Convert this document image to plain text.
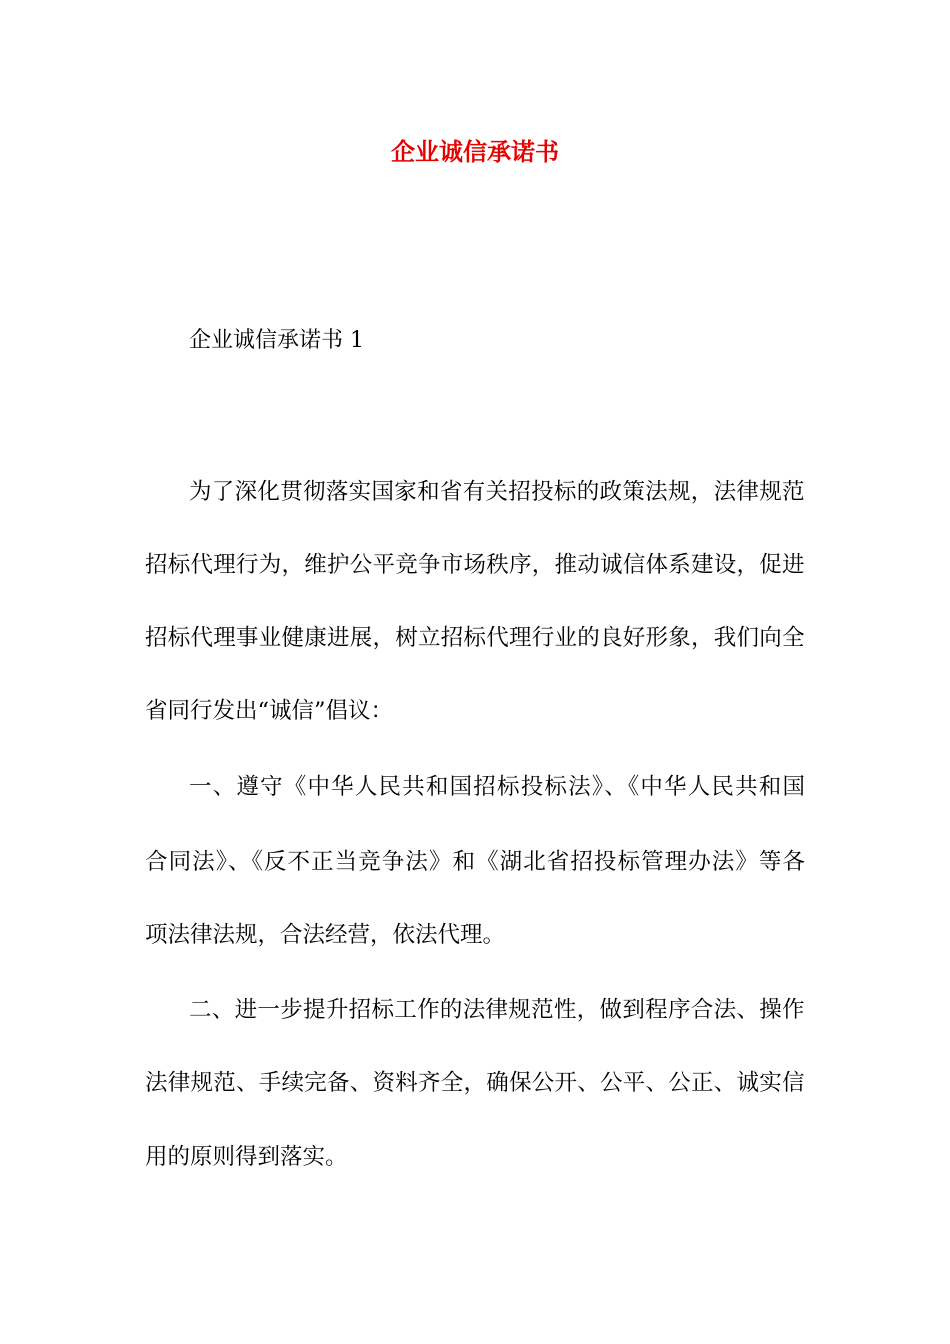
企业诚信承诺书
企业诚信承诺书 1
为了深化贯彻落实国家和省有关招投标的政策法规，法律规范
招标代理行为，维护公平竞争市场秩序，推动诚信体系建设，促进
招标代理事业健康进展，树立招标代理行业的良好形象，我们向全
省同行发出“诚信”倡议：
一、遵守《中华人民共和国招标投标法》、《中华人民共和国
合同法》、《反不正当竞争法》和《湖北省招投标管理办法》等各
项法律法规，合法经营，依法代理。
二、进一步提升招标工作的法律规范性，做到程序合法、操作
法律规范、手续完备、资料齐全，确保公开、公平、公正、诚实信
用的原则得到落实。
